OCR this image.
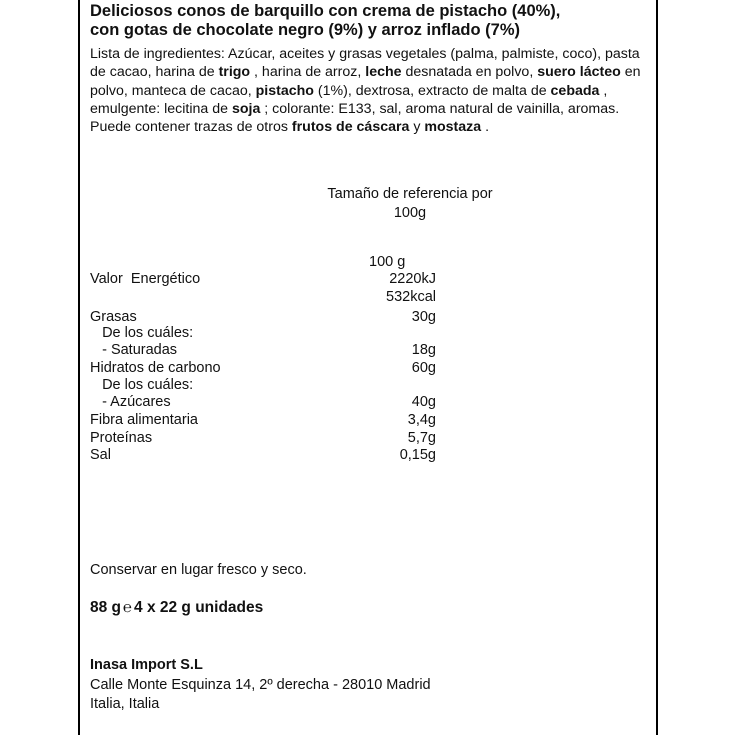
Deliciosos conos de barquillo con crema de pistacho (40%),
con gotas de chocolate negro (9%) y arroz inflado (7%)
Lista de ingredientes: Azúcar, aceites y grasas vegetales (palma, palmiste, coco), pasta de cacao, harina de trigo , harina de arroz, leche desnatada en polvo, suero lácteo en polvo, manteca de cacao, pistacho (1%), dextrosa, extracto de malta de cebada , emulgente: lecitina de soja ; colorante: E133, sal, aroma natural de vainilla, aromas. Puede contener trazas de otros frutos de cáscara y mostaza .
Tamaño de referencia por
100g
100 g
Valor  Energético	2220kJ
532kcal
Grasas	30g
De los cuáles:
- Saturadas	18g
Hidratos de carbono	60g
De los cuáles:
- Azúcares	40g
Fibra alimentaria	3,4g
Proteínas	5,7g
Sal	0,15g
Conservar en lugar fresco y seco.
88 g ℮ 4 x 22 g unidades
Inasa Import S.L
Calle Monte Esquinza 14, 2º derecha - 28010 Madrid
Italia, Italia
